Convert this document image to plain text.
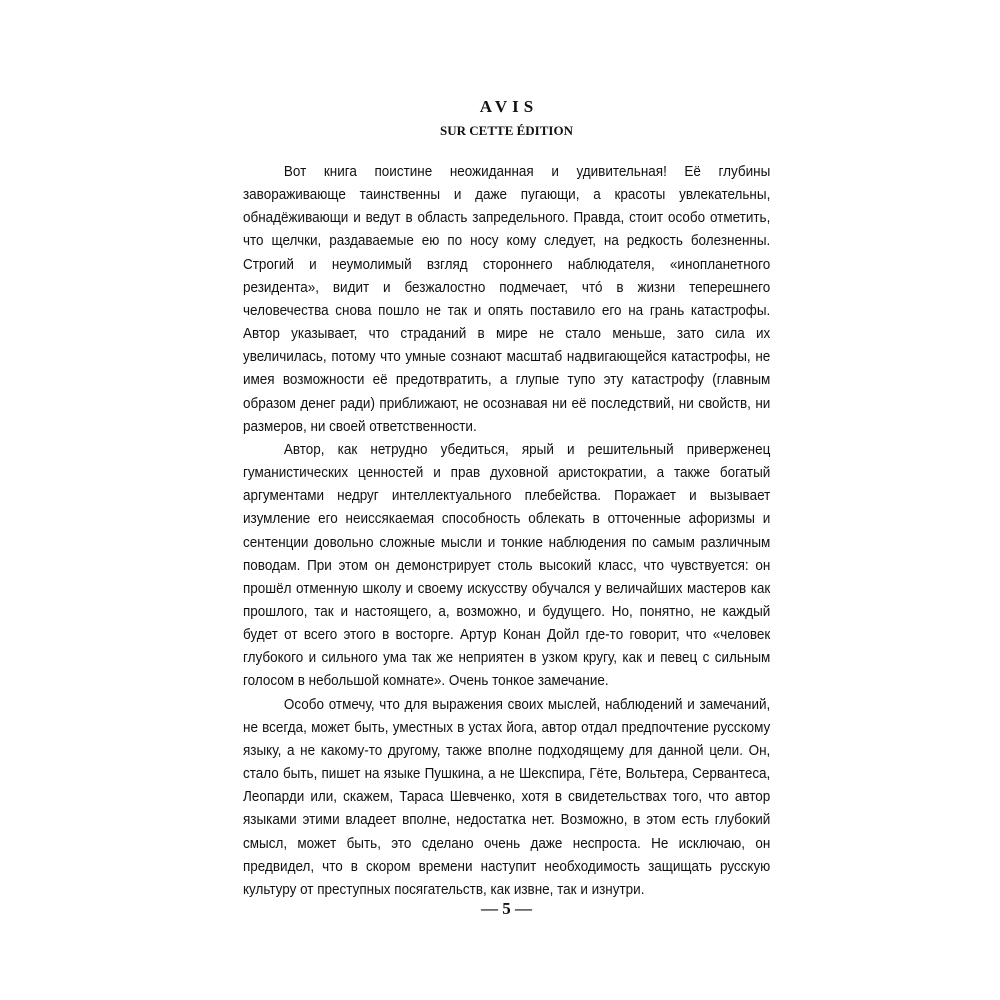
AVIS
SUR CETTE ÉDITION

Вот книга поистине неожиданная и удивительная! Её глубины завораживающе таинственны и даже пугающи, а красоты увлекательны, обнадёживающи и ведут в область запредельного. Правда, стоит особо отметить, что щелчки, раздаваемые ею по носу кому следует, на редкость болезненны. Строгий и неумолимый взгляд стороннего наблюдателя, «инопланетного резидента», видит и безжалостно подмечает, чтó в жизни теперешнего человечества снова пошло не так и опять поставило его на грань катастрофы. Автор указывает, что страданий в мире не стало меньше, зато сила их увеличилась, потому что умные сознают масштаб надвигающейся катастрофы, не имея возможности её предотвратить, а глупые тупо эту катастрофу (главным образом денег ради) приближают, не осознавая ни её последствий, ни свойств, ни размеров, ни своей ответственности.

Автор, как нетрудно убедиться, ярый и решительный приверженец гуманистических ценностей и прав духовной аристократии, а также богатый аргументами недруг интеллектуального плебейства. Поражает и вызывает изумление его неиссякаемая способность облекать в отточенные афоризмы и сентенции довольно сложные мысли и тонкие наблюдения по самым различным поводам. При этом он демонстрирует столь высокий класс, что чувствуется: он прошёл отменную школу и своему искусству обучался у величайших мастеров как прошлого, так и настоящего, а, возможно, и будущего. Но, понятно, не каждый будет от всего этого в восторге. Артур Конан Дойл где-то говорит, что «человек глубокого и сильного ума так же неприятен в узком кругу, как и певец с сильным голосом в небольшой комнате». Очень тонкое замечание.

Особо отмечу, что для выражения своих мыслей, наблюдений и замечаний, не всегда, может быть, уместных в устах йога, автор отдал предпочтение русскому языку, а не какому-то другому, также вполне подходящему для данной цели. Он, стало быть, пишет на языке Пушкина, а не Шекспира, Гёте, Вольтера, Сервантеса, Леопарди или, скажем, Тараса Шевченко, хотя в свидетельствах того, что автор языками этими владеет вполне, недостатка нет. Возможно, в этом есть глубокий смысл, может быть, это сделано очень даже неспроста. Не исключаю, он предвидел, что в скором времени наступит необходимость защищать русскую культуру от преступных посягательств, как извне, так и изнутри.

— 5 —
